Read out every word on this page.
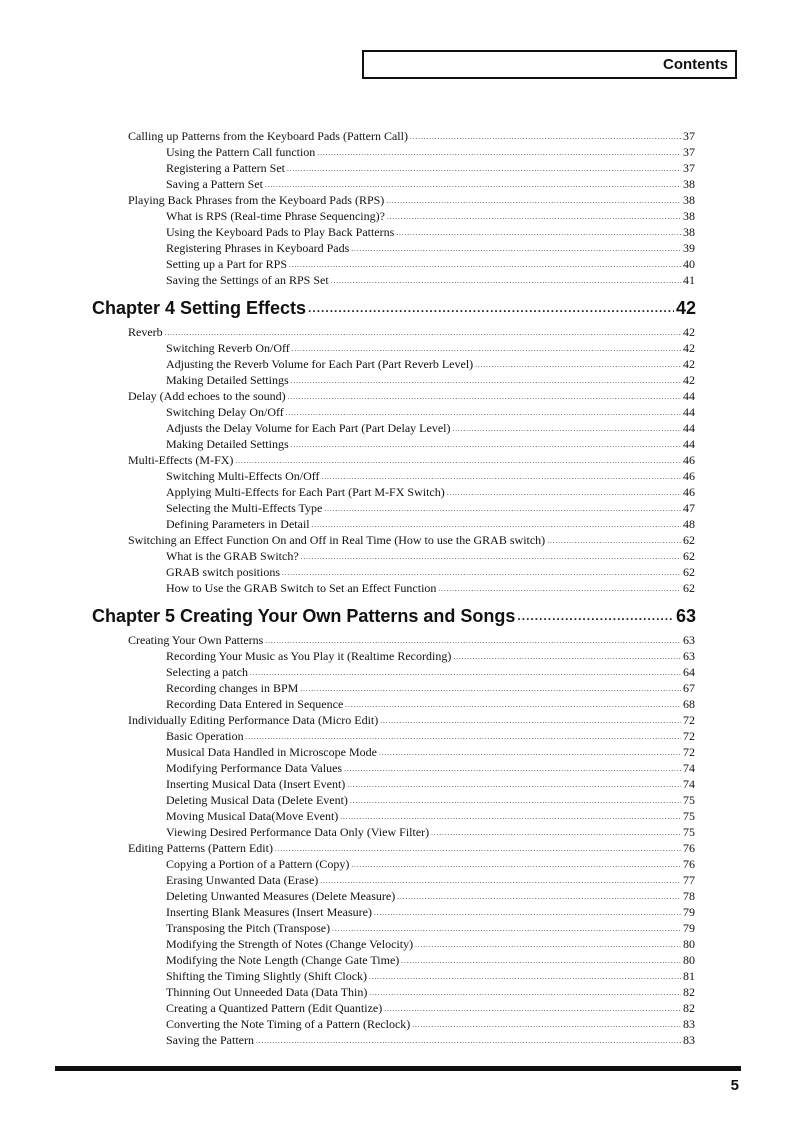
Contents
Calling up Patterns from the Keyboard Pads (Pattern Call) .....	37
Using the Pattern Call function .....	37
Registering a Pattern Set .....	37
Saving a Pattern Set .....	38
Playing Back Phrases from the Keyboard Pads (RPS) .....	38
What is RPS (Real-time Phrase Sequencing)? .....	38
Using the Keyboard Pads to Play Back Patterns .....	38
Registering Phrases in Keyboard Pads .....	39
Setting up a Part for RPS .....	40
Saving the Settings of an RPS Set .....	41
Chapter 4 Setting Effects .....	42
Reverb .....	42
Switching Reverb On/Off .....	42
Adjusting the Reverb Volume for Each Part (Part Reverb Level) .....	42
Making Detailed Settings .....	42
Delay (Add echoes to the sound) .....	44
Switching Delay On/Off .....	44
Adjusts the Delay Volume for Each Part (Part Delay Level) .....	44
Making Detailed Settings .....	44
Multi-Effects (M-FX) .....	46
Switching Multi-Effects On/Off .....	46
Applying Multi-Effects for Each Part (Part M-FX Switch) .....	46
Selecting the Multi-Effects Type .....	47
Defining Parameters in Detail .....	48
Switching an Effect Function On and Off in Real Time (How to use the GRAB switch) .....	62
What is the GRAB Switch? .....	62
GRAB switch positions .....	62
How to Use the GRAB Switch to Set an Effect Function .....	62
Chapter 5 Creating Your Own Patterns and Songs .....	63
Creating Your Own Patterns .....	63
Recording Your Music as You Play it (Realtime Recording) .....	63
Selecting a patch .....	64
Recording changes in BPM .....	67
Recording Data Entered in Sequence .....	68
Individually Editing Performance Data (Micro Edit) .....	72
Basic Operation .....	72
Musical Data Handled in Microscope Mode .....	72
Modifying Performance Data Values .....	74
Inserting Musical Data (Insert Event) .....	74
Deleting Musical Data (Delete Event) .....	75
Moving Musical Data(Move Event) .....	75
Viewing Desired Performance Data Only (View Filter) .....	75
Editing Patterns (Pattern Edit) .....	76
Copying a Portion of a Pattern (Copy) .....	76
Erasing Unwanted Data (Erase) .....	77
Deleting Unwanted Measures (Delete Measure) .....	78
Inserting Blank Measures (Insert Measure) .....	79
Transposing the Pitch (Transpose) .....	79
Modifying the Strength of Notes (Change Velocity) .....	80
Modifying the Note Length (Change Gate Time) .....	80
Shifting the Timing Slightly (Shift Clock) .....	81
Thinning Out Unneeded Data (Data Thin) .....	82
Creating a Quantized Pattern (Edit Quantize) .....	82
Converting the Note Timing of a Pattern (Reclock) .....	83
Saving the Pattern .....	83
5
